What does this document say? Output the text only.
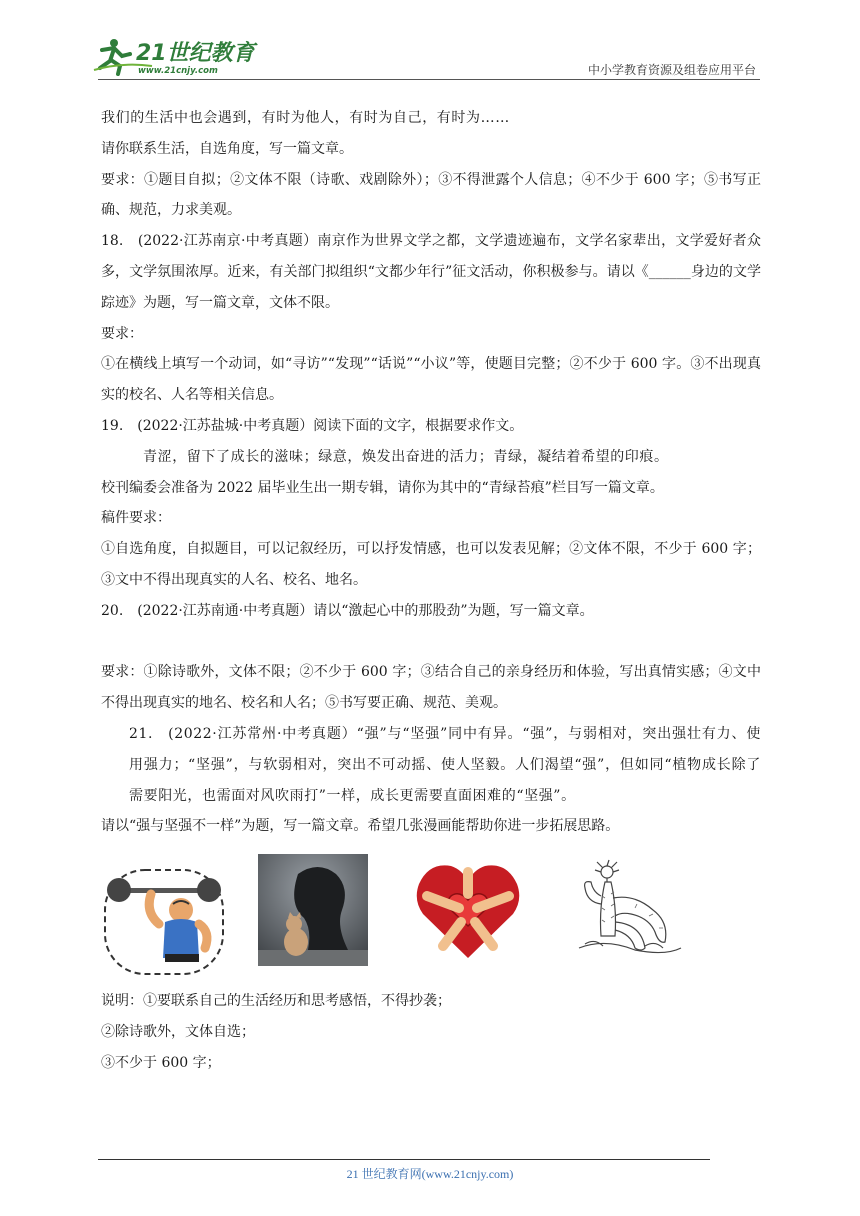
21世纪教育
www.21cnjy.com	中小学教育资源及组卷应用平台

我们的生活中也会遇到，有时为他人，有时为自己，有时为……

请你联系生活，自选角度，写一篇文章。

要求：①题目自拟；②文体不限（诗歌、戏剧除外）；③不得泄露个人信息；④不少于 600 字；⑤书写正确、规范，力求美观。

18.　(2022·江苏南京·中考真题）南京作为世界文学之都，文学遗迹遍布，文学名家辈出，文学爱好者众多，文学氛围浓厚。近来，有关部门拟组织“文都少年行”征文活动，你积极参与。请以《______身边的文学踪迹》为题，写一篇文章，文体不限。

要求：

①在横线上填写一个动词，如“寻访”“发现”“话说”“小议”等，使题目完整；②不少于 600 字。③不出现真实的校名、人名等相关信息。

19.　(2022·江苏盐城·中考真题）阅读下面的文字，根据要求作文。

青涩，留下了成长的滋味；绿意，焕发出奋进的活力；青绿，凝结着希望的印痕。

校刊编委会准备为 2022 届毕业生出一期专辑，请你为其中的“青绿苔痕”栏目写一篇文章。

稿件要求：

①自选角度，自拟题目，可以记叙经历，可以抒发情感，也可以发表见解；②文体不限，不少于 600 字；③文中不得出现真实的人名、校名、地名。

20.　(2022·江苏南通·中考真题）请以“激起心中的那股劲”为题，写一篇文章。

要求：①除诗歌外，文体不限；②不少于 600 字；③结合自己的亲身经历和体验，写出真情实感；④文中不得出现真实的地名、校名和人名；⑤书写要正确、规范、美观。

21.　(2022·江苏常州·中考真题）“强”与“坚强”同中有异。“强”，与弱相对，突出强壮有力、使用强力；“坚强”，与软弱相对，突出不可动摇、使人坚毅。人们渴望“强”，但如同“植物成长除了需要阳光，也需面对风吹雨打”一样，成长更需要直面困难的“坚强”。

请以“强与坚强不一样”为题，写一篇文章。希望几张漫画能帮助你进一步拓展思路。

说明：①要联系自己的生活经历和思考感悟，不得抄袭；

②除诗歌外，文体自选；

③不少于 600 字；

21 世纪教育网(www.21cnjy.com)
